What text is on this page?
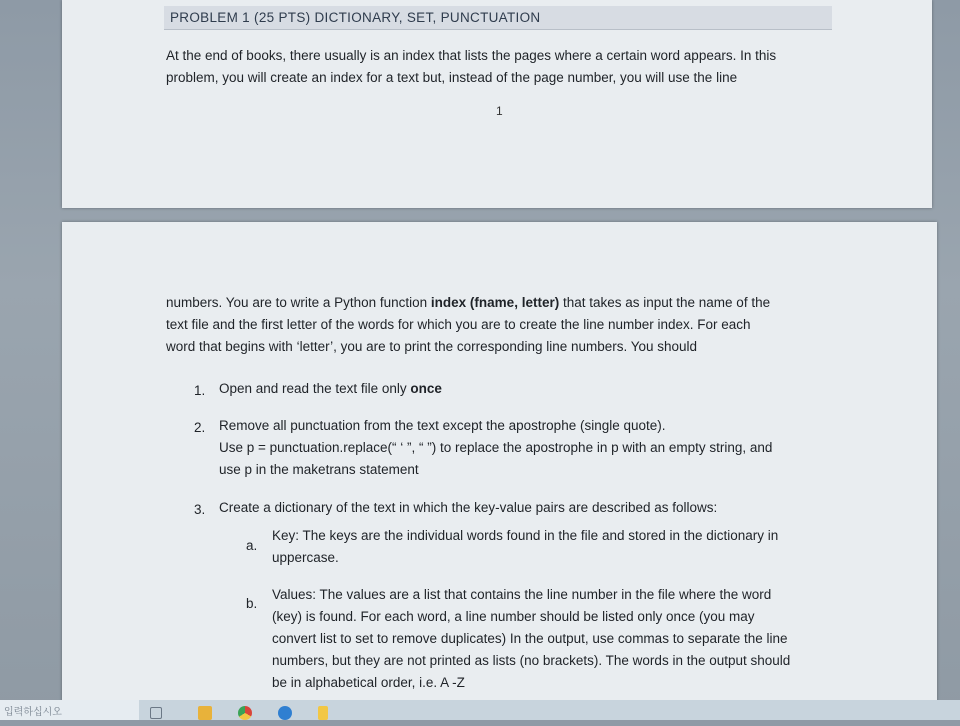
PROBLEM 1 (25 PTS) DICTIONARY, SET, PUNCTUATION
At the end of books, there usually is an index that lists the pages where a certain word appears. In this
problem, you will create an index for a text but, instead of the page number, you will use the line
1
numbers. You are to write a Python function index (fname, letter) that takes as input the name of the
text file and the first letter of the words for which you are to create the line number index. For each
word that begins with ‘letter’, you are to print the corresponding line numbers. You should
1. Open and read the text file only once
2. Remove all punctuation from the text except the apostrophe (single quote).
Use p = punctuation.replace(“ ‘ ”, “ ”) to replace the apostrophe in p with an empty string, and
use p in the maketrans statement
3. Create a dictionary of the text in which the key-value pairs are described as follows:
a.
Key: The keys are the individual words found in the file and stored in the dictionary in
uppercase.
b.
Values: The values are a list that contains the line number in the file where the word
(key) is found. For each word, a line number should be listed only once (you may
convert list to set to remove duplicates) In the output, use commas to separate the line
numbers, but they are not printed as lists (no brackets). The words in the output should
be in alphabetical order, i.e. A -Z
입력하십시오
